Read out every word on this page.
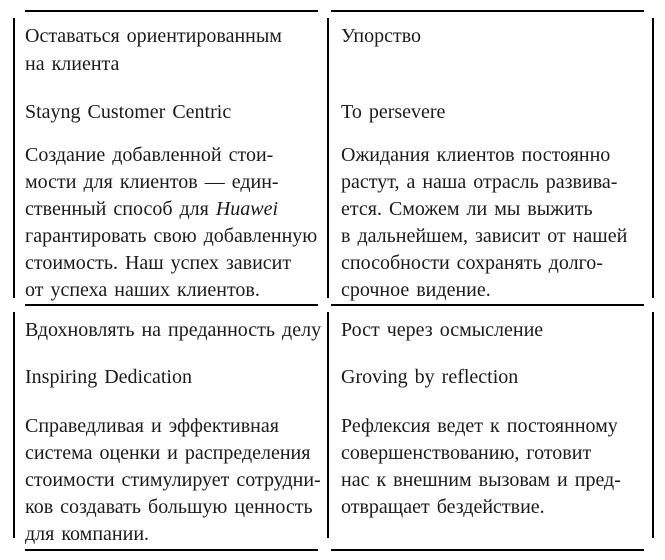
Оставаться ориентированным
на клиента
Stayng Customer Centric
Создание добавленной стои-
мости для клиентов — един-
ственный способ для Huawei
гарантировать свою добавленную
стоимость. Наш успех зависит
от успеха наших клиентов.
Упорство
To persevere
Ожидания клиентов постоянно
растут, а наша отрасль развива-
ется. Сможем ли мы выжить
в дальнейшем, зависит от нашей
способности сохранять долго-
срочное видение.
Вдохновлять на преданность делу
Inspiring Dedication
Справедливая и эффективная
система оценки и распределения
стоимости стимулирует сотрудни-
ков создавать большую ценность
для компании.
Рост через осмысление
Groving by reflection
Рефлексия ведет к постоянному
совершенствованию, готовит
нас к внешним вызовам и пред-
отвращает бездействие.
